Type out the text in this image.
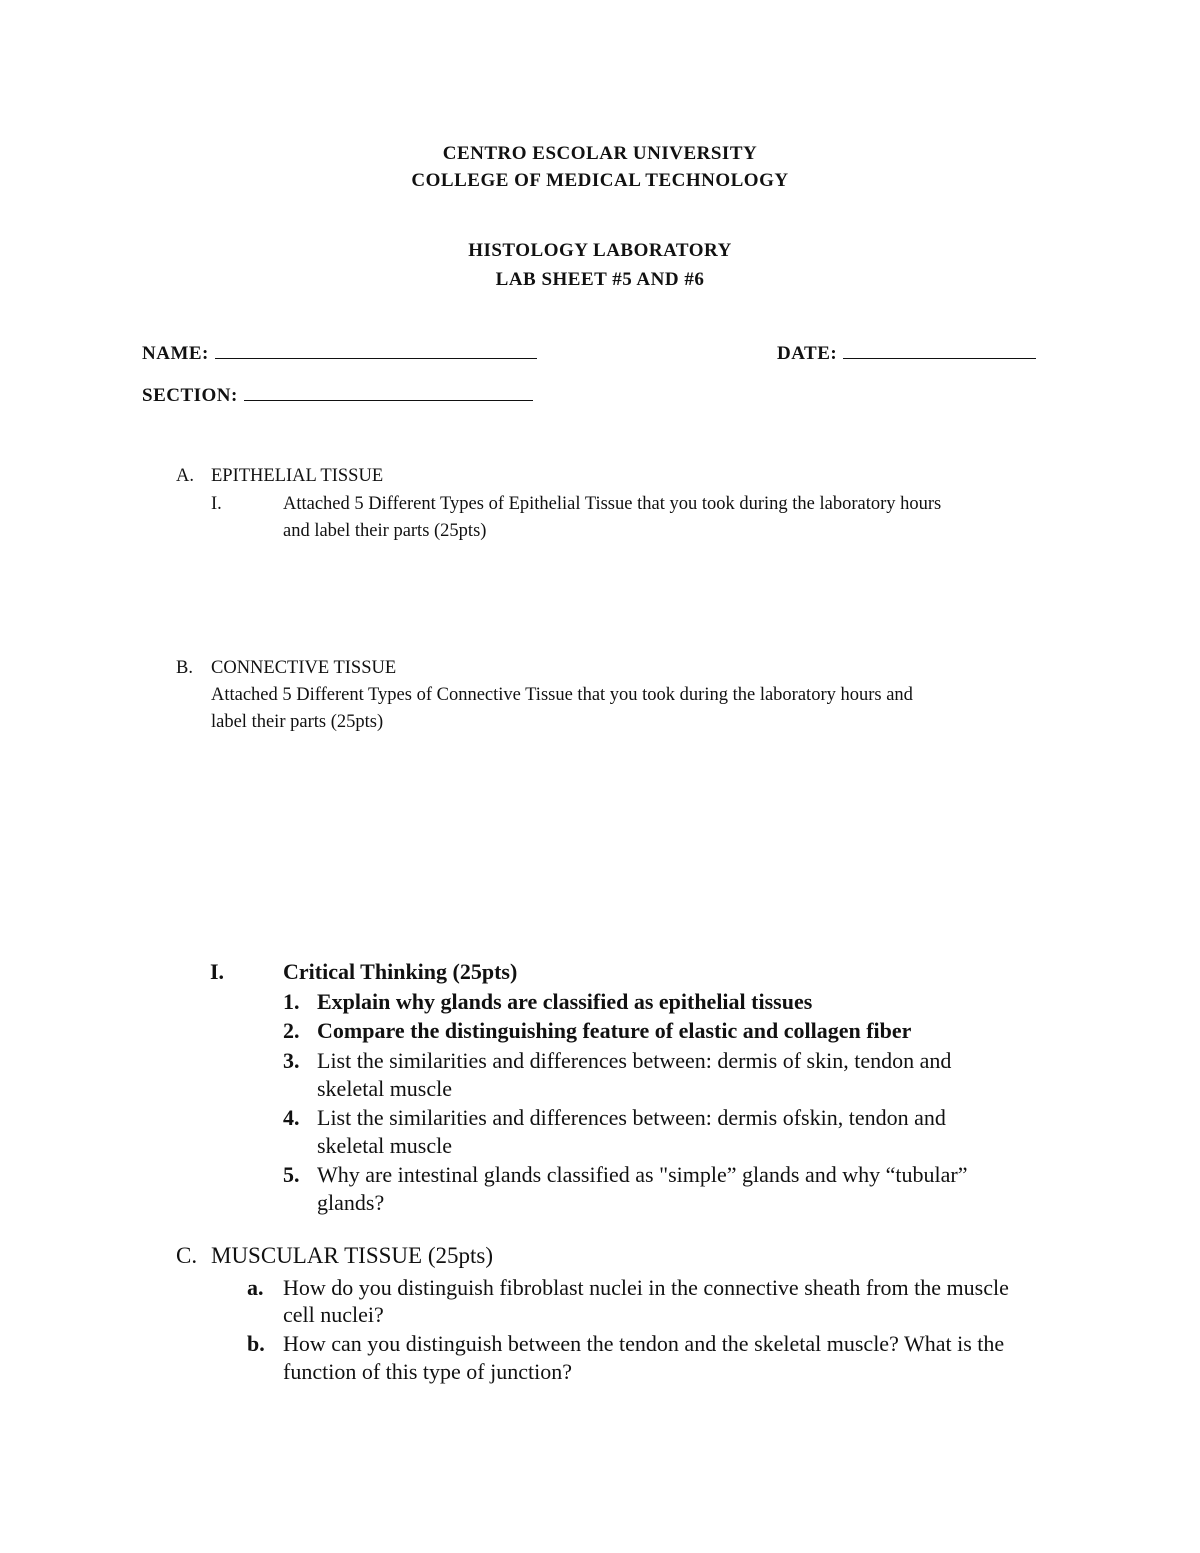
CENTRO ESCOLAR UNIVERSITY
COLLEGE OF MEDICAL TECHNOLOGY
HISTOLOGY LABORATORY
LAB SHEET #5 AND #6
NAME:	DATE:
SECTION:
A. EPITHELIAL TISSUE
I.	Attached 5 Different Types of Epithelial Tissue that you took during the laboratory hours
and label their parts (25pts)
B. CONNECTIVE TISSUE
Attached 5 Different Types of Connective Tissue that you took during the laboratory hours and
label their parts (25pts)
I.	Critical Thinking (25pts)
1. Explain why glands are classified as epithelial tissues
2. Compare the distinguishing feature of elastic and collagen fiber
3. List the similarities and differences between: dermis of skin, tendon and
skeletal muscle
4. List the similarities and differences between: dermis ofskin, tendon and
skeletal muscle
5. Why are intestinal glands classified as "simple” glands and why “tubular”
glands?
C. MUSCULAR TISSUE (25pts)
a. How do you distinguish fibroblast nuclei in the connective sheath from the muscle
cell nuclei?
b. How can you distinguish between the tendon and the skeletal muscle? What is the
function of this type of junction?
